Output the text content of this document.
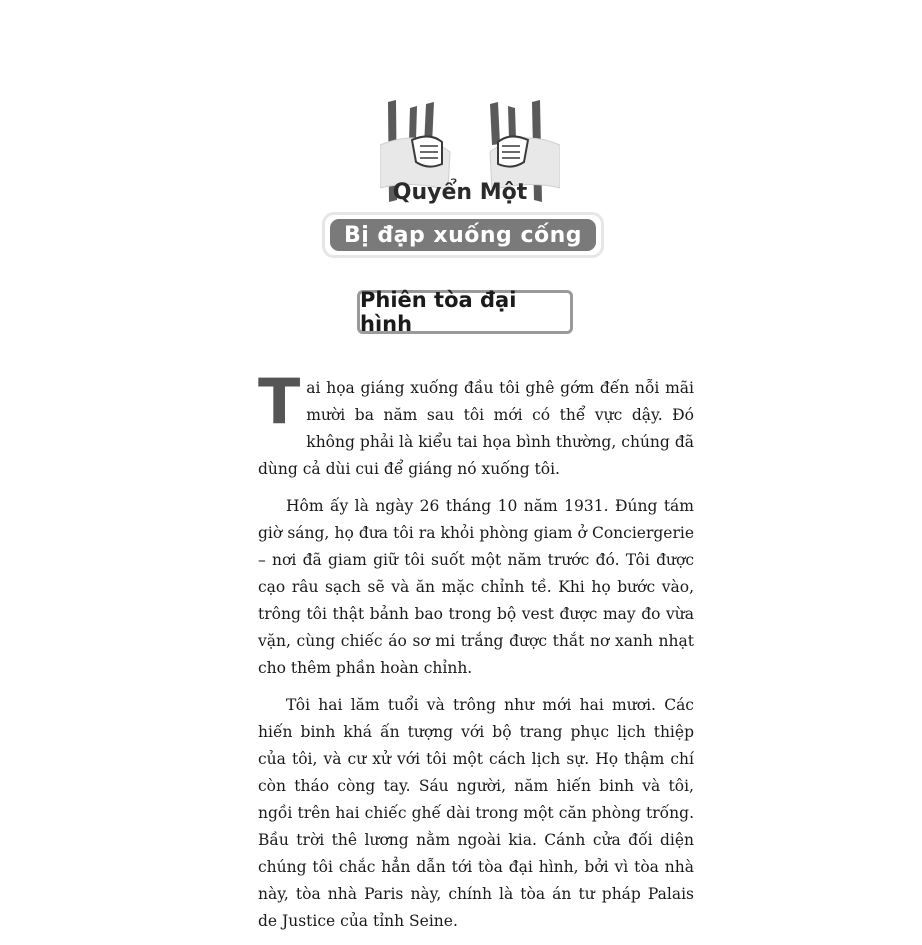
Quyển Một
Bị đạp xuống cống
Phiên tòa đại hình

Tai họa giáng xuống đầu tôi ghê gớm đến nỗi mãi mười ba năm sau tôi mới có thể vực dậy. Đó không phải là kiểu tai họa bình thường, chúng đã dùng cả dùi cui để giáng nó xuống tôi.

Hôm ấy là ngày 26 tháng 10 năm 1931. Đúng tám giờ sáng, họ đưa tôi ra khỏi phòng giam ở Conciergerie – nơi đã giam giữ tôi suốt một năm trước đó. Tôi được cạo râu sạch sẽ và ăn mặc chỉnh tề. Khi họ bước vào, trông tôi thật bảnh bao trong bộ vest được may đo vừa vặn, cùng chiếc áo sơ mi trắng được thắt nơ xanh nhạt cho thêm phần hoàn chỉnh.

Tôi hai lăm tuổi và trông như mới hai mươi. Các hiến binh khá ấn tượng với bộ trang phục lịch thiệp của tôi, và cư xử với tôi một cách lịch sự. Họ thậm chí còn tháo còng tay. Sáu người, năm hiến binh và tôi, ngồi trên hai chiếc ghế dài trong một căn phòng trống. Bầu trời thê lương nằm ngoài kia. Cánh cửa đối diện chúng tôi chắc hẳn dẫn tới tòa đại hình, bởi vì tòa nhà này, tòa nhà Paris này, chính là tòa án tư pháp Palais de Justice của tỉnh Seine.
